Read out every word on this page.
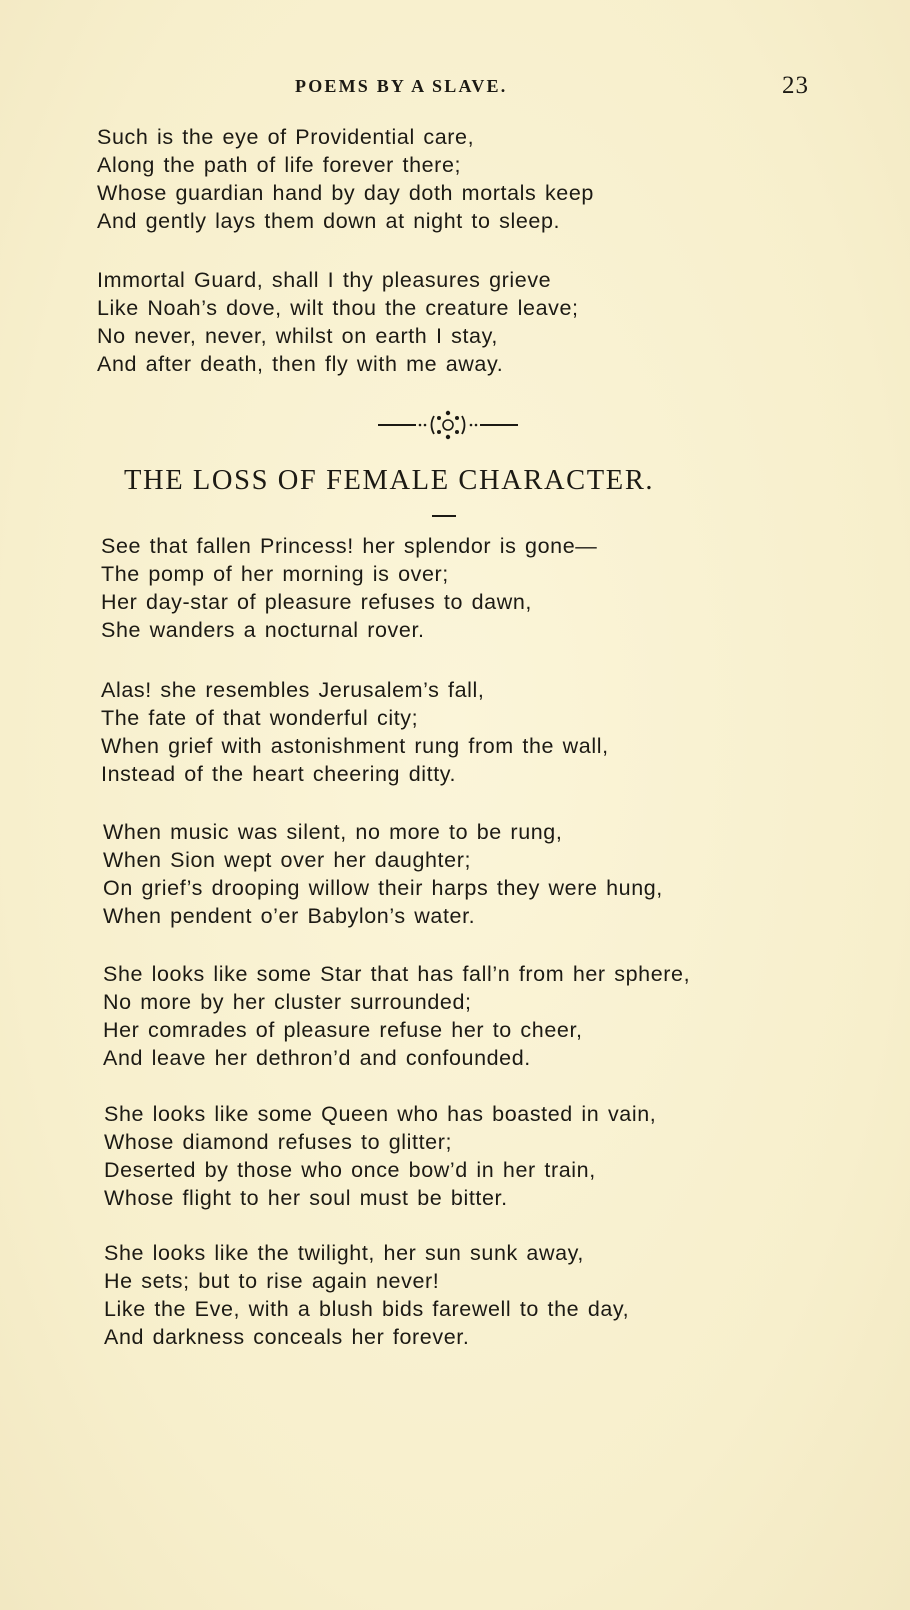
POEMS BY A SLAVE.	23
Such is the eye of Providential care,
Along the path of life forever there;
Whose guardian hand by day doth mortals keep
And gently lays them down at night to sleep.
Immortal Guard, shall I thy pleasures grieve
Like Noah’s dove, wilt thou the creature leave;
No never, never, whilst on earth I stay,
And after death, then fly with me away.
THE LOSS OF FEMALE CHARACTER.
See that fallen Princess! her splendor is gone—
The pomp of her morning is over;
Her day-star of pleasure refuses to dawn,
She wanders a nocturnal rover.
Alas! she resembles Jerusalem’s fall,
The fate of that wonderful city;
When grief with astonishment rung from the wall,
Instead of the heart cheering ditty.
When music was silent, no more to be rung,
When Sion wept over her daughter;
On grief’s drooping willow their harps they were hung,
When pendent o’er Babylon’s water.
She looks like some Star that has fall’n from her sphere,
No more by her cluster surrounded;
Her comrades of pleasure refuse her to cheer,
And leave her dethron’d and confounded.
She looks like some Queen who has boasted in vain,
Whose diamond refuses to glitter;
Deserted by those who once bow’d in her train,
Whose flight to her soul must be bitter.
She looks like the twilight, her sun sunk away,
He sets; but to rise again never!
Like the Eve, with a blush bids farewell to the day,
And darkness conceals her forever.
